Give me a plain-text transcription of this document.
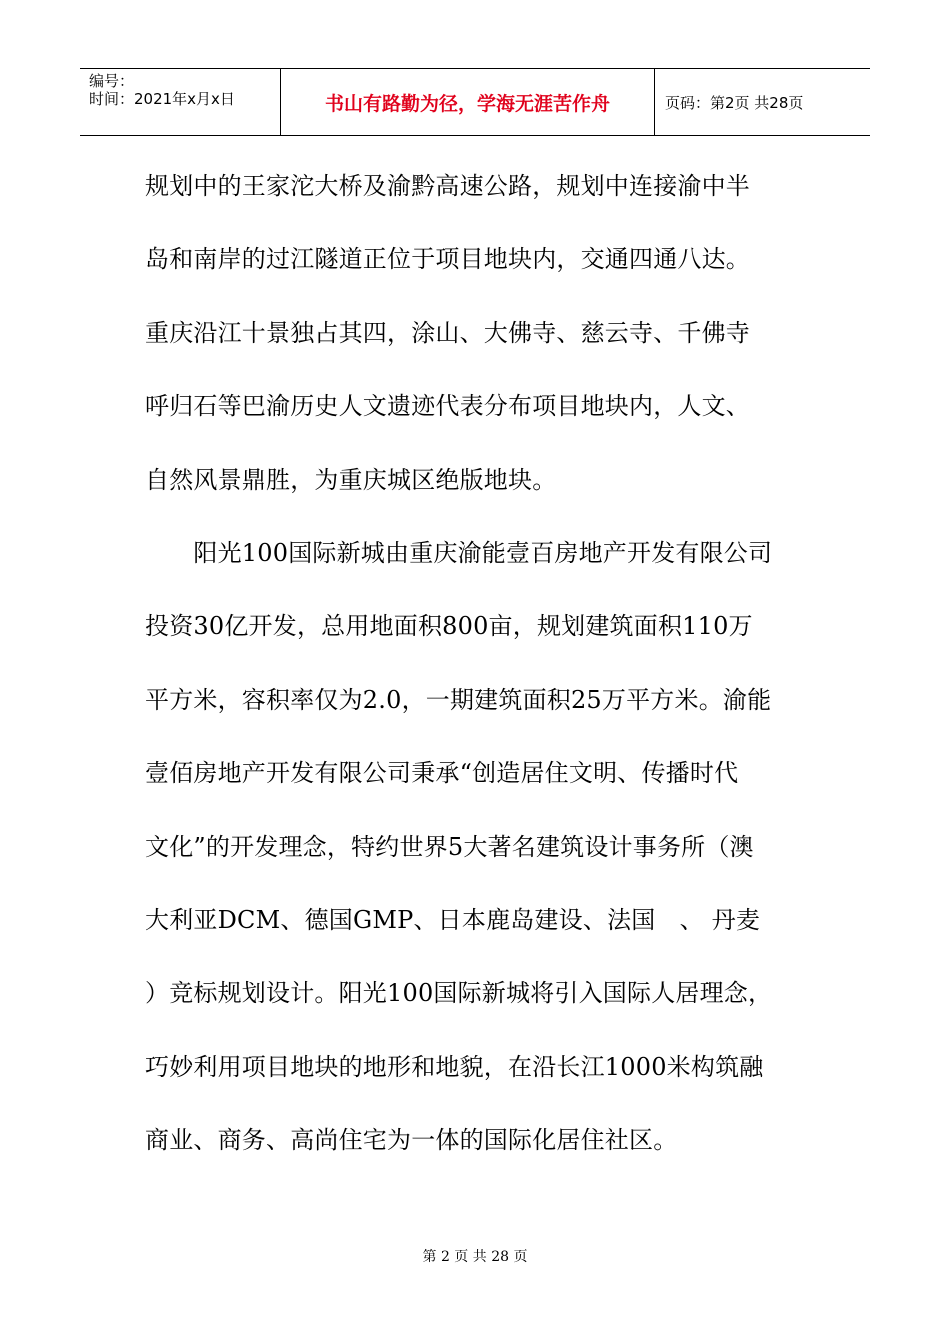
编号：
时间：2021年x月x日	书山有路勤为径，学海无涯苦作舟	页码：第2页 共28页
规划中的王家沱大桥及渝黔高速公路，规划中连接渝中半
岛和南岸的过江隧道正位于项目地块内，交通四通八达。
重庆沿江十景独占其四，涂山、大佛寺、慈云寺、千佛寺
呼归石等巴渝历史人文遗迹代表分布项目地块内，人文、
自然风景鼎胜，为重庆城区绝版地块。
　　阳光100国际新城由重庆渝能壹百房地产开发有限公司
投资30亿开发，总用地面积800亩，规划建筑面积110万
平方米，容积率仅为2.0，一期建筑面积25万平方米。渝能
壹佰房地产开发有限公司秉承“创造居住文明、传播时代
文化”的开发理念，特约世界5大著名建筑设计事务所（澳
大利亚DCM、德国GMP、日本鹿岛建设、法国　、 丹麦
）竞标规划设计。阳光100国际新城将引入国际人居理念，
巧妙利用项目地块的地形和地貌，在沿长江1000米构筑融
商业、商务、高尚住宅为一体的国际化居住社区。
第 2 页 共 28 页
